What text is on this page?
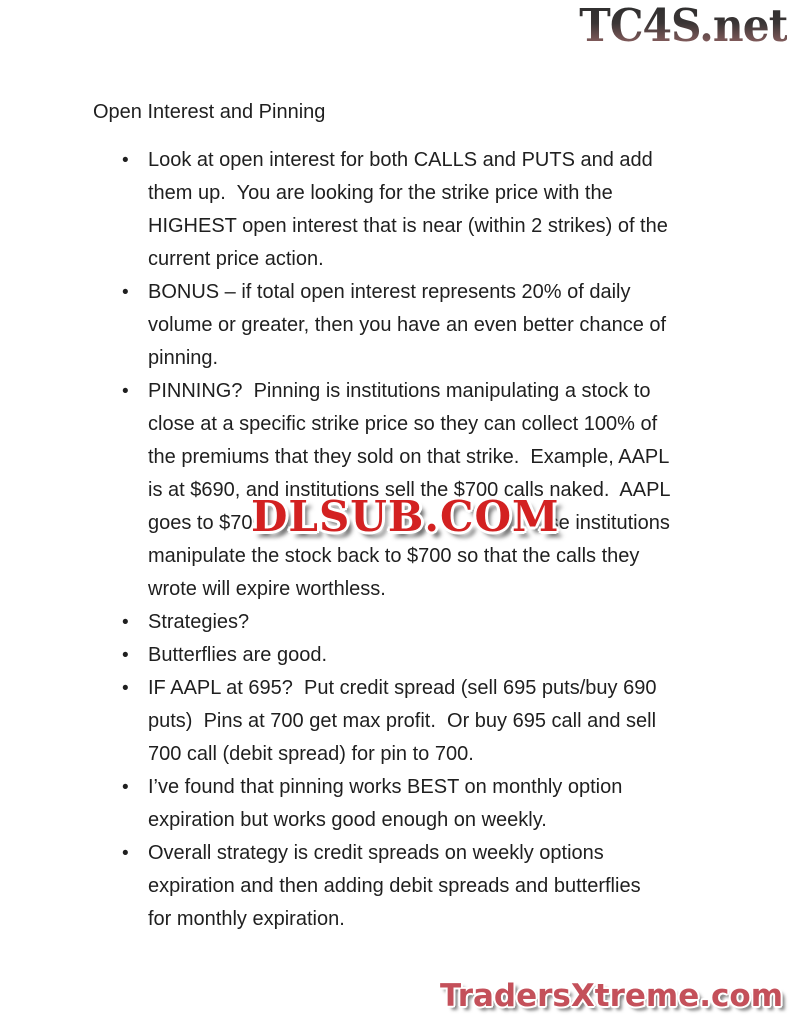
TC4S.net
Open Interest and Pinning
• Look at open interest for both CALLS and PUTS and add
them up.  You are looking for the strike price with the
HIGHEST open interest that is near (within 2 strikes) of the
current price action.
• BONUS – if total open interest represents 20% of daily
volume or greater, then you have an even better chance of
pinning.
• PINNING?  Pinning is institutions manipulating a stock to
close at a specific strike price so they can collect 100% of
the premiums that they sold on that strike.  Example, AAPL
is at $690, and institutions sell the $700 calls naked.  AAPL
goes to $705	se institutions
manipulate the stock back to $700 so that the calls they
wrote will expire worthless.
• Strategies?
• Butterflies are good.
• IF AAPL at 695?  Put credit spread (sell 695 puts/buy 690
puts)  Pins at 700 get max profit.  Or buy 695 call and sell
700 call (debit spread) for pin to 700.
• I’ve found that pinning works BEST on monthly option
expiration but works good enough on weekly.
• Overall strategy is credit spreads on weekly options
expiration and then adding debit spreads and butterflies
for monthly expiration.
DLSUB.COM
TradersXtreme.com
